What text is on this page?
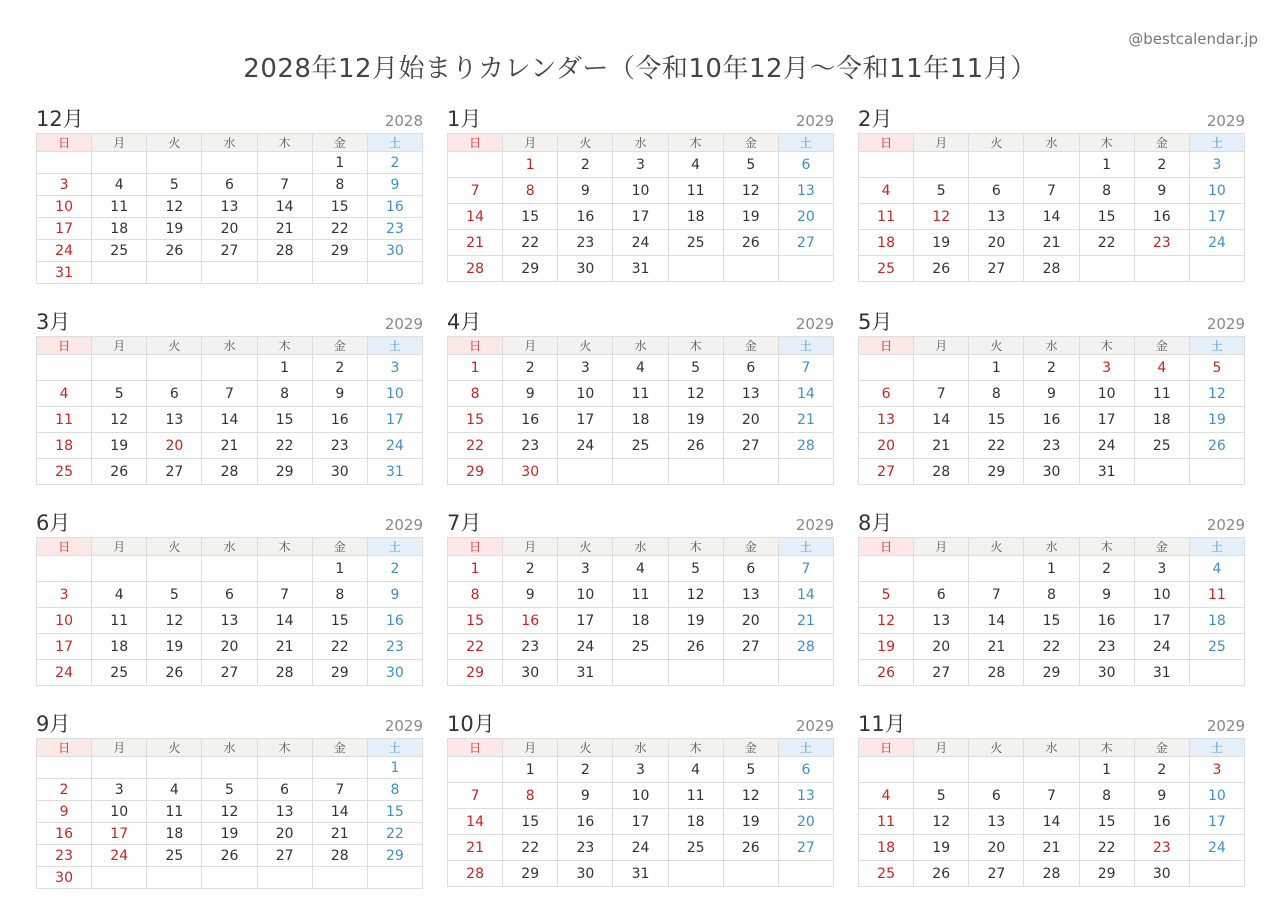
@bestcalendar.jp
2028年12月始まりカレンダー（令和10年12月〜令和11年11月）
12月	2028
日	月	火	水	木	金	土
					1	2
3	4	5	6	7	8	9
10	11	12	13	14	15	16
17	18	19	20	21	22	23
24	25	26	27	28	29	30
31						
1月	2029
日	月	火	水	木	金	土
	1	2	3	4	5	6
7	8	9	10	11	12	13
14	15	16	17	18	19	20
21	22	23	24	25	26	27
28	29	30	31			
2月	2029
日	月	火	水	木	金	土
				1	2	3
4	5	6	7	8	9	10
11	12	13	14	15	16	17
18	19	20	21	22	23	24
25	26	27	28			
3月	2029
日	月	火	水	木	金	土
				1	2	3
4	5	6	7	8	9	10
11	12	13	14	15	16	17
18	19	20	21	22	23	24
25	26	27	28	29	30	31
4月	2029
日	月	火	水	木	金	土
1	2	3	4	5	6	7
8	9	10	11	12	13	14
15	16	17	18	19	20	21
22	23	24	25	26	27	28
29	30					
5月	2029
日	月	火	水	木	金	土
		1	2	3	4	5
6	7	8	9	10	11	12
13	14	15	16	17	18	19
20	21	22	23	24	25	26
27	28	29	30	31		
6月	2029
日	月	火	水	木	金	土
					1	2
3	4	5	6	7	8	9
10	11	12	13	14	15	16
17	18	19	20	21	22	23
24	25	26	27	28	29	30
7月	2029
日	月	火	水	木	金	土
1	2	3	4	5	6	7
8	9	10	11	12	13	14
15	16	17	18	19	20	21
22	23	24	25	26	27	28
29	30	31				
8月	2029
日	月	火	水	木	金	土
			1	2	3	4
5	6	7	8	9	10	11
12	13	14	15	16	17	18
19	20	21	22	23	24	25
26	27	28	29	30	31	
9月	2029
日	月	火	水	木	金	土
						1
2	3	4	5	6	7	8
9	10	11	12	13	14	15
16	17	18	19	20	21	22
23	24	25	26	27	28	29
30						
10月	2029
日	月	火	水	木	金	土
	1	2	3	4	5	6
7	8	9	10	11	12	13
14	15	16	17	18	19	20
21	22	23	24	25	26	27
28	29	30	31			
11月	2029
日	月	火	水	木	金	土
				1	2	3
4	5	6	7	8	9	10
11	12	13	14	15	16	17
18	19	20	21	22	23	24
25	26	27	28	29	30	
